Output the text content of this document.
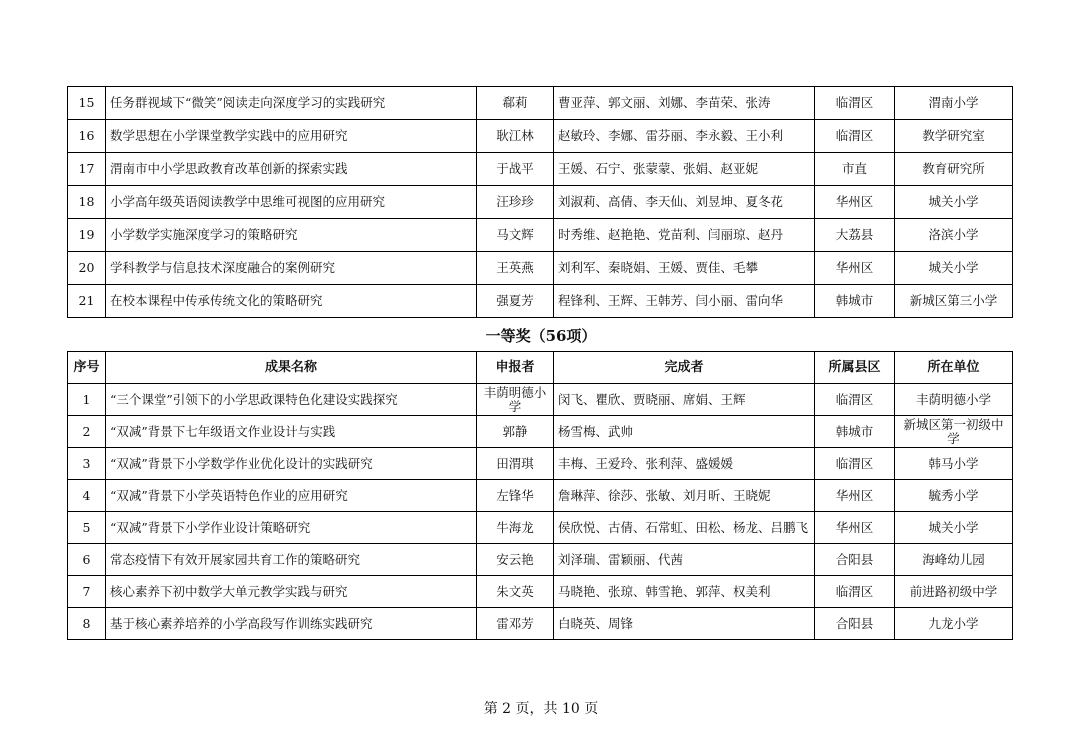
15	任务群视域下“微笑”阅读走向深度学习的实践研究	郗莉	曹亚萍、郭文丽、刘娜、李苗荣、张涛	临渭区	渭南小学
16	数学思想在小学课堂教学实践中的应用研究	耿江林	赵敏玲、李娜、雷芬丽、李永毅、王小利	临渭区	教学研究室
17	渭南市中小学思政教育改革创新的探索实践	于战平	王媛、石宁、张蒙蒙、张娟、赵亚妮	市直	教育研究所
18	小学高年级英语阅读教学中思维可视图的应用研究	汪珍珍	刘淑莉、高倩、李天仙、刘昱坤、夏冬花	华州区	城关小学
19	小学数学实施深度学习的策略研究	马文辉	时秀维、赵艳艳、党苗利、闫丽琼、赵丹	大荔县	洛滨小学
20	学科教学与信息技术深度融合的案例研究	王英燕	刘利军、秦晓娟、王媛、贾佳、毛攀	华州区	城关小学
21	在校本课程中传承传统文化的策略研究	强夏芳	程锋利、王辉、王韩芳、闫小丽、雷向华	韩城市	新城区第三小学
一等奖（56项）
序号	成果名称	申报者	完成者	所属县区	所在单位
1	“三个课堂”引领下的小学思政课特色化建设实践探究	丰荫明德小学	闵飞、瞿欣、贾晓丽、席娟、王辉	临渭区	丰荫明德小学
2	“双减”背景下七年级语文作业设计与实践	郭静	杨雪梅、武帅	韩城市	新城区第一初级中学
3	“双减”背景下小学数学作业优化设计的实践研究	田渭琪	丰梅、王爱玲、张利萍、盛媛媛	临渭区	韩马小学
4	“双减”背景下小学英语特色作业的应用研究	左锋华	詹琳萍、徐莎、张敏、刘月昕、王晓妮	华州区	毓秀小学
5	“双减”背景下小学作业设计策略研究	牛海龙	侯欣悦、古倩、石常虹、田松、杨龙、吕鹏飞	华州区	城关小学
6	常态疫情下有效开展家园共育工作的策略研究	安云艳	刘泽瑞、雷颖丽、代茜	合阳县	海峰幼儿园
7	核心素养下初中数学大单元教学实践与研究	朱文英	马晓艳、张琼、韩雪艳、郭萍、权美利	临渭区	前进路初级中学
8	基于核心素养培养的小学高段写作训练实践研究	雷邓芳	白晓英、周锋	合阳县	九龙小学
第 2 页，共 10 页
